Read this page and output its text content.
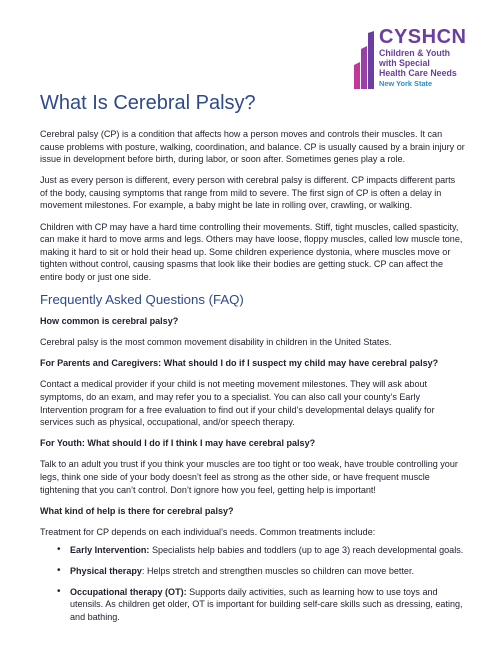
CYSHCN
Children & Youth
with Special
Health Care Needs
New York State
What Is Cerebral Palsy?

Cerebral palsy (CP) is a condition that affects how a person moves and controls their muscles. It can cause problems with posture, walking, coordination, and balance. CP is usually caused by a brain injury or issue in development before birth, during labor, or soon after. Sometimes genes play a role.

Just as every person is different, every person with cerebral palsy is different. CP impacts different parts of the body, causing symptoms that range from mild to severe. The first sign of CP is often a delay in movement milestones. For example, a baby might be late in rolling over, crawling, or walking.

Children with CP may have a hard time controlling their movements. Stiff, tight muscles, called spasticity, can make it hard to move arms and legs. Others may have loose, floppy muscles, called low muscle tone, making it hard to sit or hold their head up. Some children experience dystonia, where muscles move or tighten without control, causing spasms that look like their bodies are getting stuck. CP can affect the entire body or just one side.

Frequently Asked Questions (FAQ)

How common is cerebral palsy?

Cerebral palsy is the most common movement disability in children in the United States.

For Parents and Caregivers: What should I do if I suspect my child may have cerebral palsy?

Contact a medical provider if your child is not meeting movement milestones. They will ask about symptoms, do an exam, and may refer you to a specialist. You can also call your county’s Early Intervention program for a free evaluation to find out if your child’s developmental delays qualify for services such as physical, occupational, and/or speech therapy.

For Youth: What should I do if I think I may have cerebral palsy?

Talk to an adult you trust if you think your muscles are too tight or too weak, have trouble controlling your legs, think one side of your body doesn’t feel as strong as the other side, or have frequent muscle tightening that you can’t control. Don’t ignore how you feel, getting help is important!

What kind of help is there for cerebral palsy?

Treatment for CP depends on each individual’s needs. Common treatments include:

• Early Intervention: Specialists help babies and toddlers (up to age 3) reach developmental goals.
• Physical therapy: Helps stretch and strengthen muscles so children can move better.
• Occupational therapy (OT): Supports daily activities, such as learning how to use toys and utensils. As children get older, OT is important for building self-care skills such as dressing, eating, and bathing.
